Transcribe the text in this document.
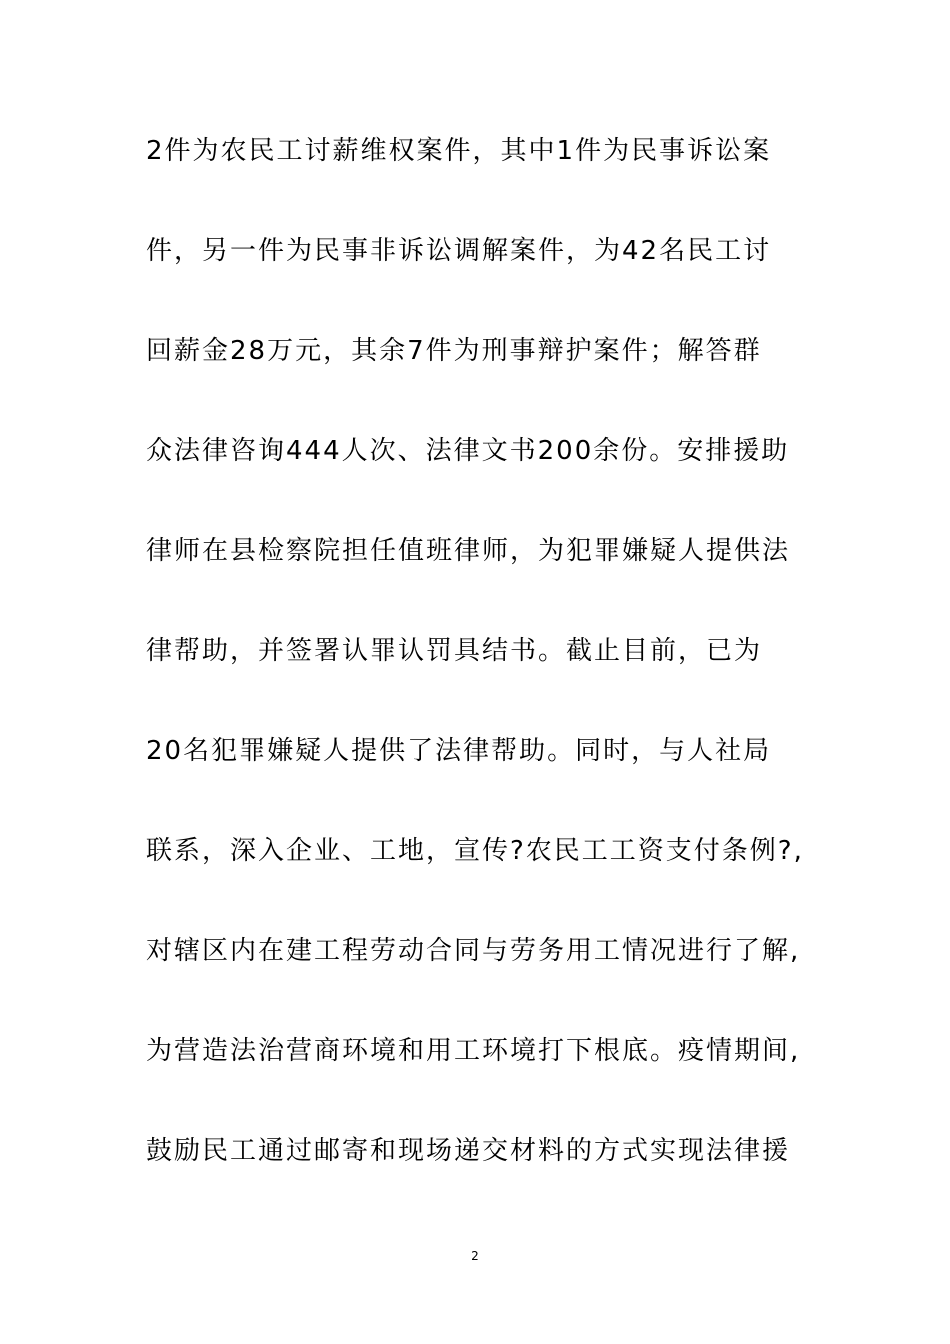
2件为农民工讨薪维权案件，其中1件为民事诉讼案
件，另一件为民事非诉讼调解案件，为42名民工讨
回薪金28万元，其余7件为刑事辩护案件；解答群
众法律咨询444人次、法律文书200余份。安排援助
律师在县检察院担任值班律师，为犯罪嫌疑人提供法
律帮助，并签署认罪认罚具结书。截止目前，已为
20名犯罪嫌疑人提供了法律帮助。同时，与人社局
联系，深入企业、工地，宣传?农民工工资支付条例?,
对辖区内在建工程劳动合同与劳务用工情况进行了解,
为营造法治营商环境和用工环境打下根底。疫情期间,
鼓励民工通过邮寄和现场递交材料的方式实现法律援
2
